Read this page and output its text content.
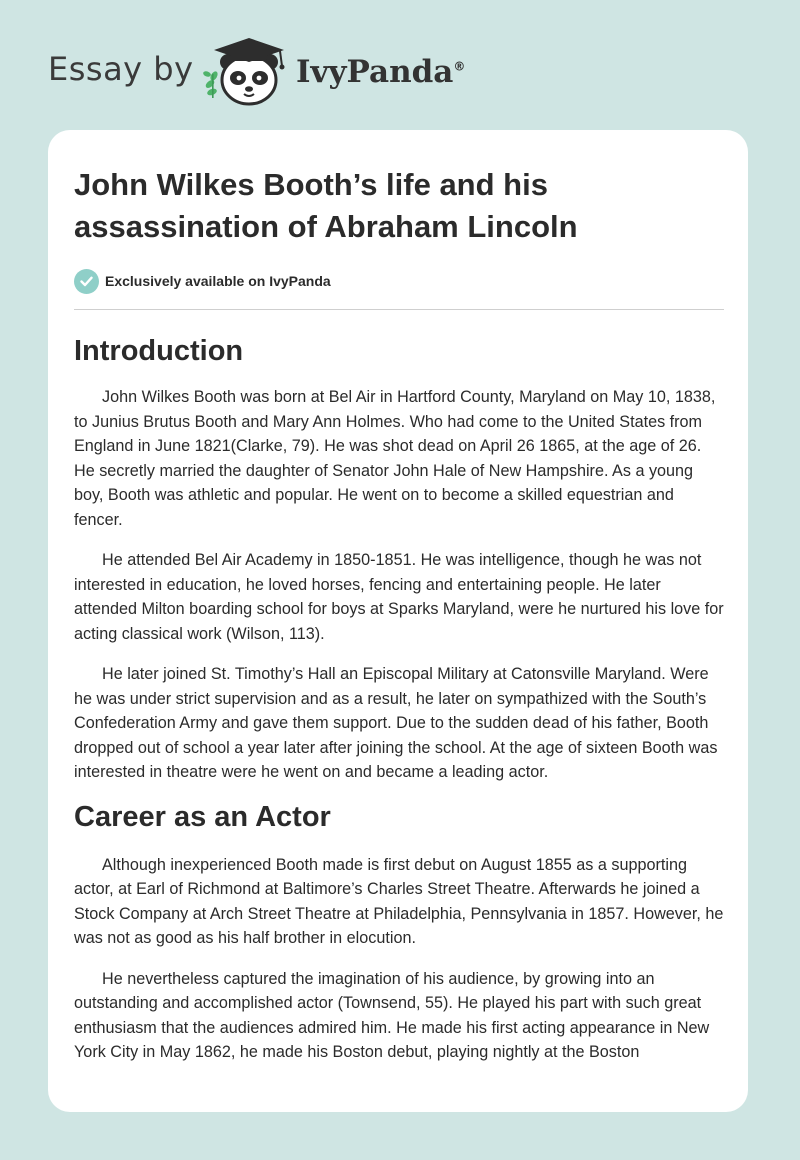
Essay by	IvyPanda®
John Wilkes Booth’s life and his assassination of Abraham Lincoln
Exclusively available on IvyPanda
Introduction

John Wilkes Booth was born at Bel Air in Hartford County, Maryland on May 10, 1838, to Junius Brutus Booth and Mary Ann Holmes. Who had come to the United States from England in June 1821(Clarke, 79). He was shot dead on April 26 1865, at the age of 26. He secretly married the daughter of Senator John Hale of New Hampshire. As a young boy, Booth was athletic and popular. He went on to become a skilled equestrian and fencer.

He attended Bel Air Academy in 1850-1851. He was intelligence, though he was not interested in education, he loved horses, fencing and entertaining people. He later attended Milton boarding school for boys at Sparks Maryland, were he nurtured his love for acting classical work (Wilson, 113).

He later joined St. Timothy’s Hall an Episcopal Military at Catonsville Maryland. Were he was under strict supervision and as a result, he later on sympathized with the South’s Confederation Army and gave them support. Due to the sudden dead of his father, Booth dropped out of school a year later after joining the school. At the age of sixteen Booth was interested in theatre were he went on and became a leading actor.

Career as an Actor

Although inexperienced Booth made is first debut on August 1855 as a supporting actor, at Earl of Richmond at Baltimore’s Charles Street Theatre. Afterwards he joined a Stock Company at Arch Street Theatre at Philadelphia, Pennsylvania in 1857. However, he was not as good as his half brother in elocution.

He nevertheless captured the imagination of his audience, by growing into an outstanding and accomplished actor (Townsend, 55). He played his part with such great enthusiasm that the audiences admired him. He made his first acting appearance in New York City in May 1862, he made his Boston debut, playing nightly at the Boston
